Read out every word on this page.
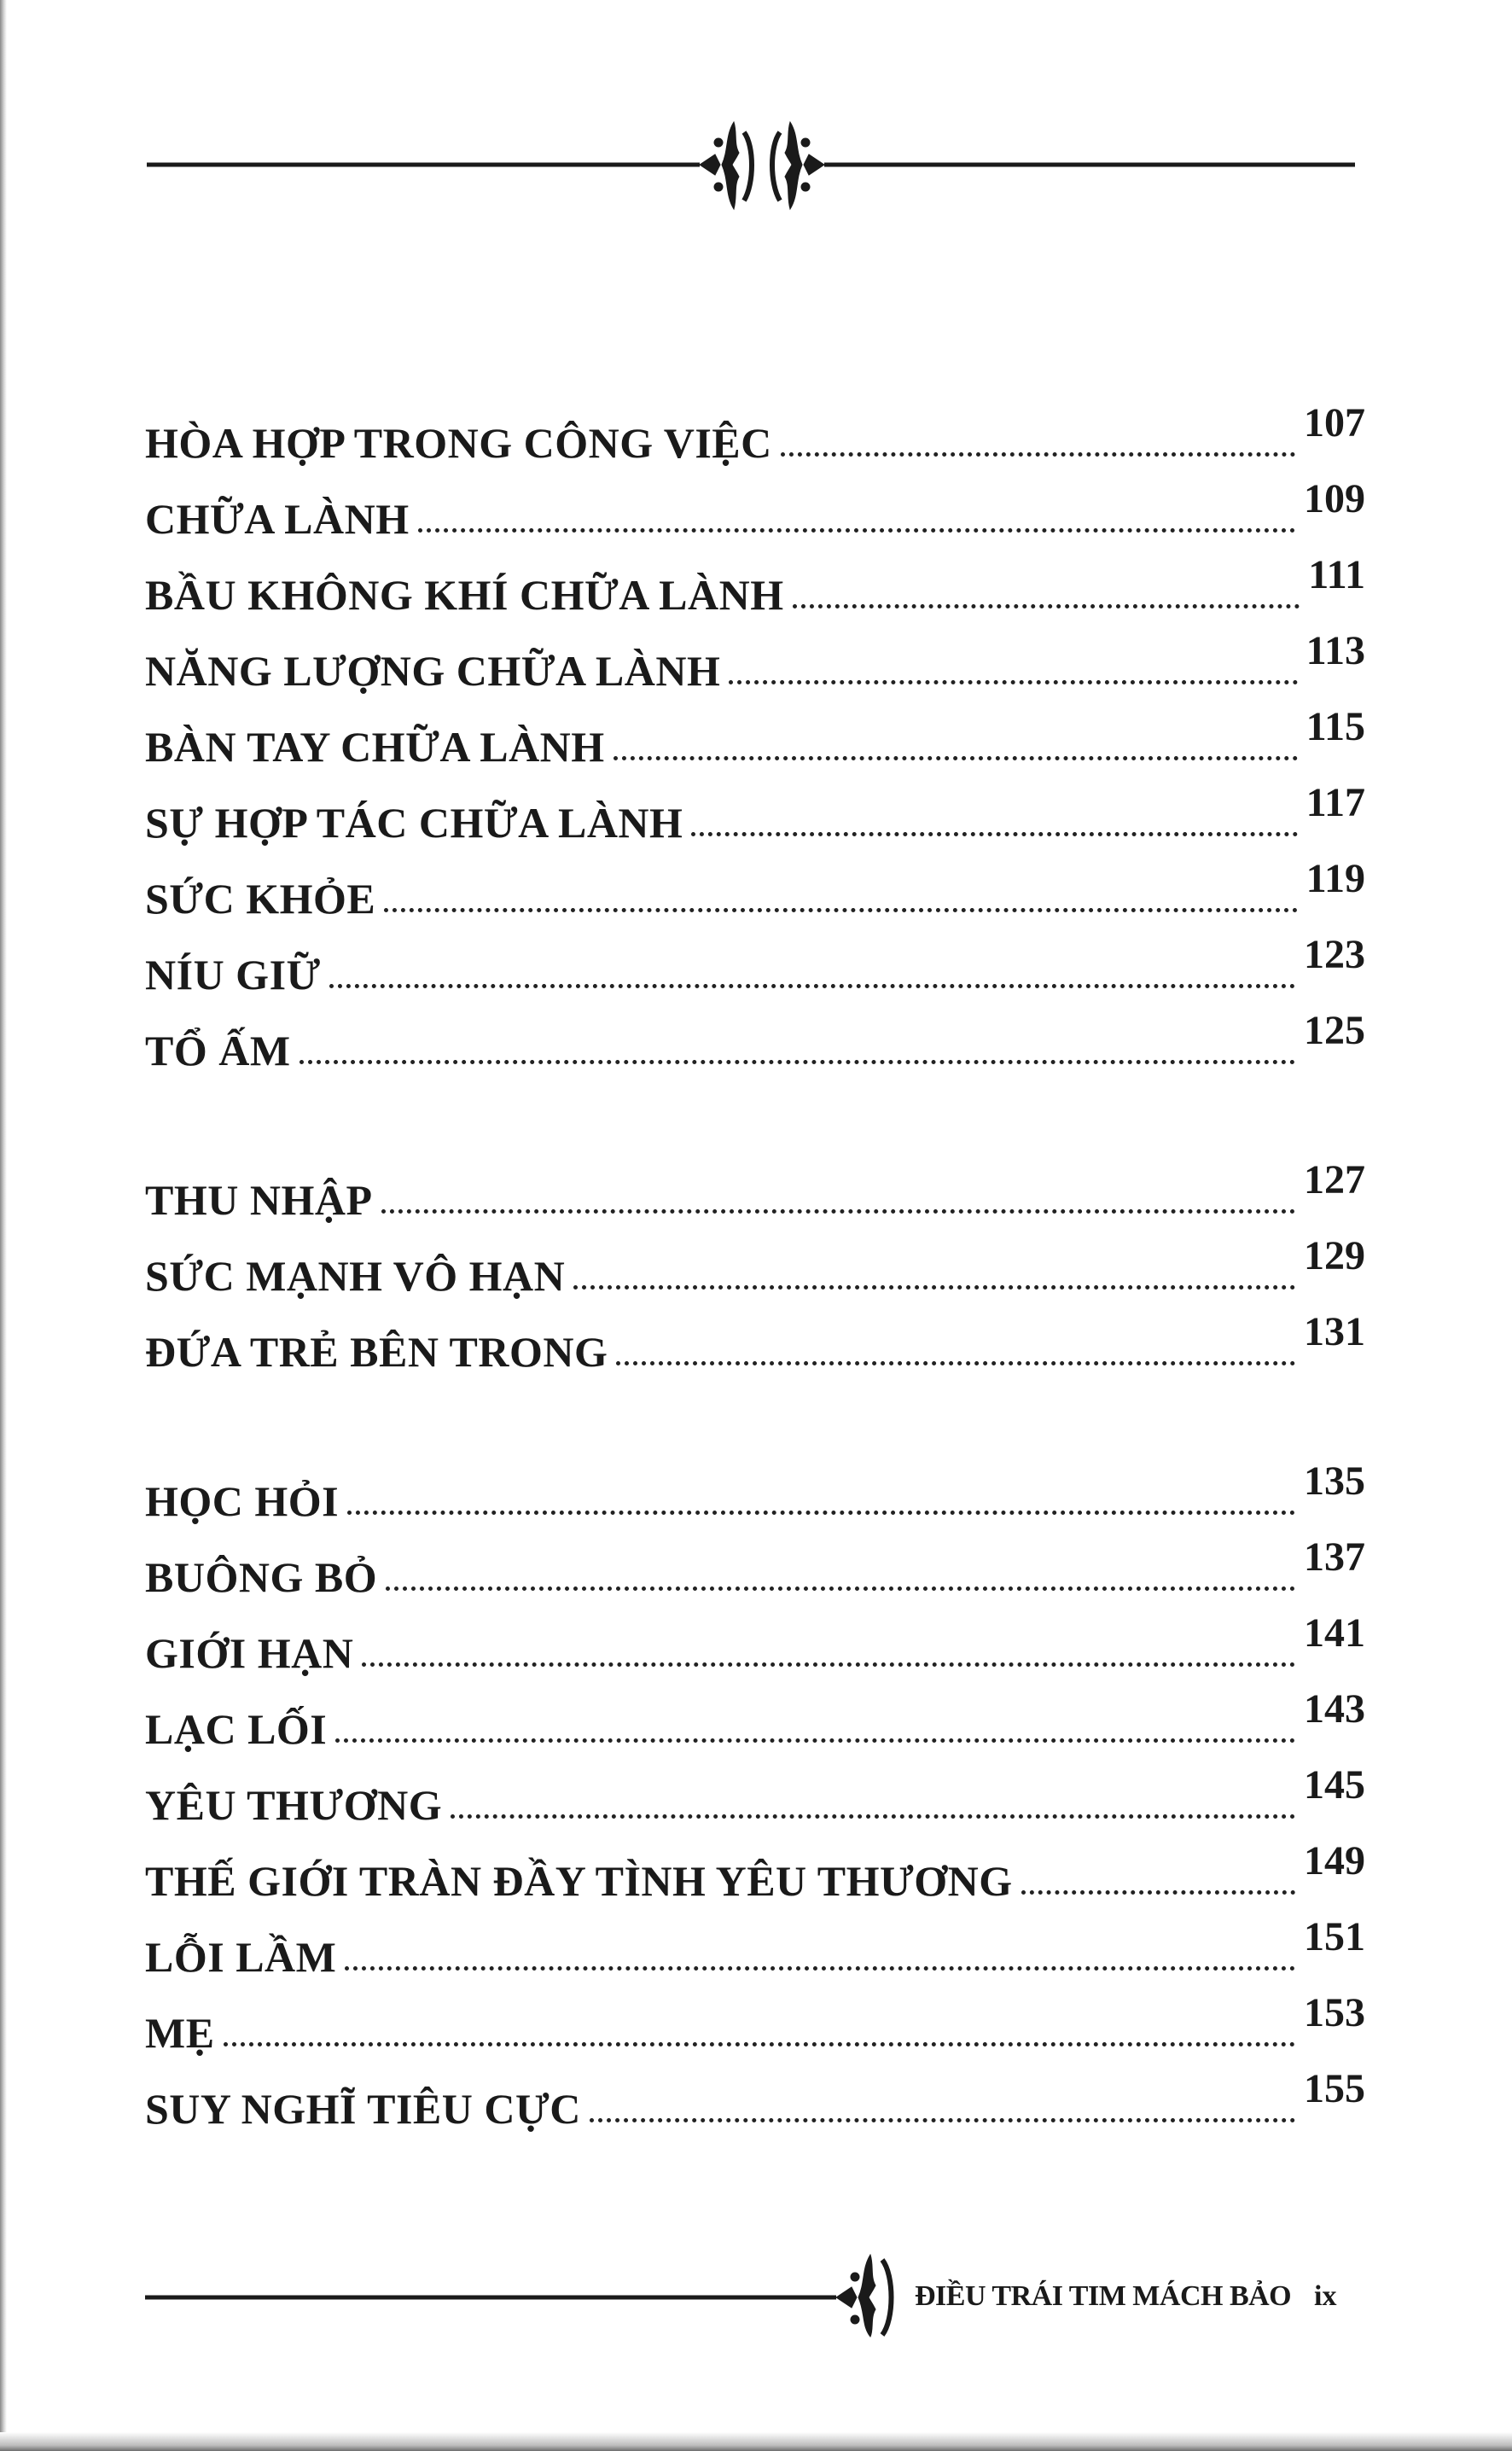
HÒA HỢP TRONG CÔNG VIỆC	107
CHỮA LÀNH	109
BẦU KHÔNG KHÍ CHỮA LÀNH	111
NĂNG LƯỢNG CHỮA LÀNH	113
BÀN TAY CHỮA LÀNH	115
SỰ HỢP TÁC CHỮA LÀNH	117
SỨC KHỎE	119
NÍU GIỮ	123
TỔ ẤM	125
THU NHẬP	127
SỨC MẠNH VÔ HẠN	129
ĐỨA TRẺ BÊN TRONG	131
HỌC HỎI	135
BUÔNG BỎ	137
GIỚI HẠN	141
LẠC LỐI	143
YÊU THƯƠNG	145
THẾ GIỚI TRÀN ĐẦY TÌNH YÊU THƯƠNG	149
LỖI LẦM	151
MẸ	153
SUY NGHĨ TIÊU CỰC	155
ĐIỀU TRÁI TIM MÁCH BẢO ix
